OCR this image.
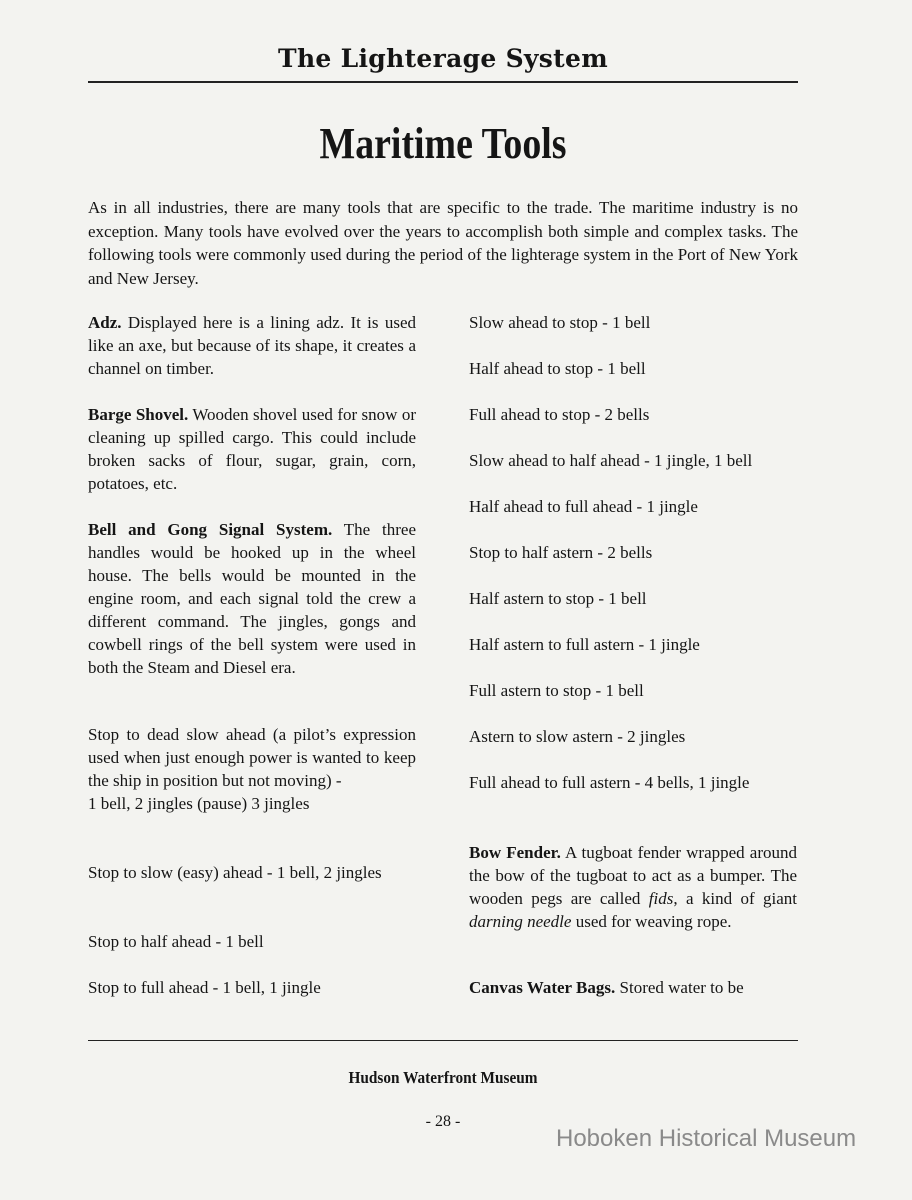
The Lighterage System
Maritime Tools
As in all industries, there are many tools that are specific to the trade. The maritime industry is no exception. Many tools have evolved over the years to accomplish both simple and complex tasks. The following tools were commonly used during the period of the lighterage system in the Port of New York and New Jersey.

Adz. Displayed here is a lining adz. It is used like an axe, but because of its shape, it creates a channel on timber.

Barge Shovel. Wooden shovel used for snow or cleaning up spilled cargo. This could include broken sacks of flour, sugar, grain, corn, potatoes, etc.

Bell and Gong Signal System. The three handles would be hooked up in the wheel house. The bells would be mounted in the engine room, and each signal told the crew a different command. The jingles, gongs and cowbell rings of the bell system were used in both the Steam and Diesel era.

Stop to dead slow ahead (a pilot’s expression used when just enough power is wanted to keep the ship in position but not moving) -
1 bell, 2 jingles (pause) 3 jingles

Stop to slow (easy) ahead - 1 bell, 2 jingles

Stop to half ahead - 1 bell

Stop to full ahead - 1 bell, 1 jingle

Slow ahead to stop - 1 bell

Half ahead to stop - 1 bell

Full ahead to stop - 2 bells

Slow ahead to half ahead - 1 jingle, 1 bell

Half ahead to full ahead - 1 jingle

Stop to half astern - 2 bells

Half astern to stop - 1 bell

Half astern to full astern - 1 jingle

Full astern to stop - 1 bell

Astern to slow astern - 2 jingles

Full ahead to full astern - 4 bells, 1 jingle

Bow Fender. A tugboat fender wrapped around the bow of the tugboat to act as a bumper. The wooden pegs are called fids, a kind of giant darning needle used for weaving rope.

Canvas Water Bags. Stored water to be

Hudson Waterfront Museum
- 28 -
Hoboken Historical Museum
